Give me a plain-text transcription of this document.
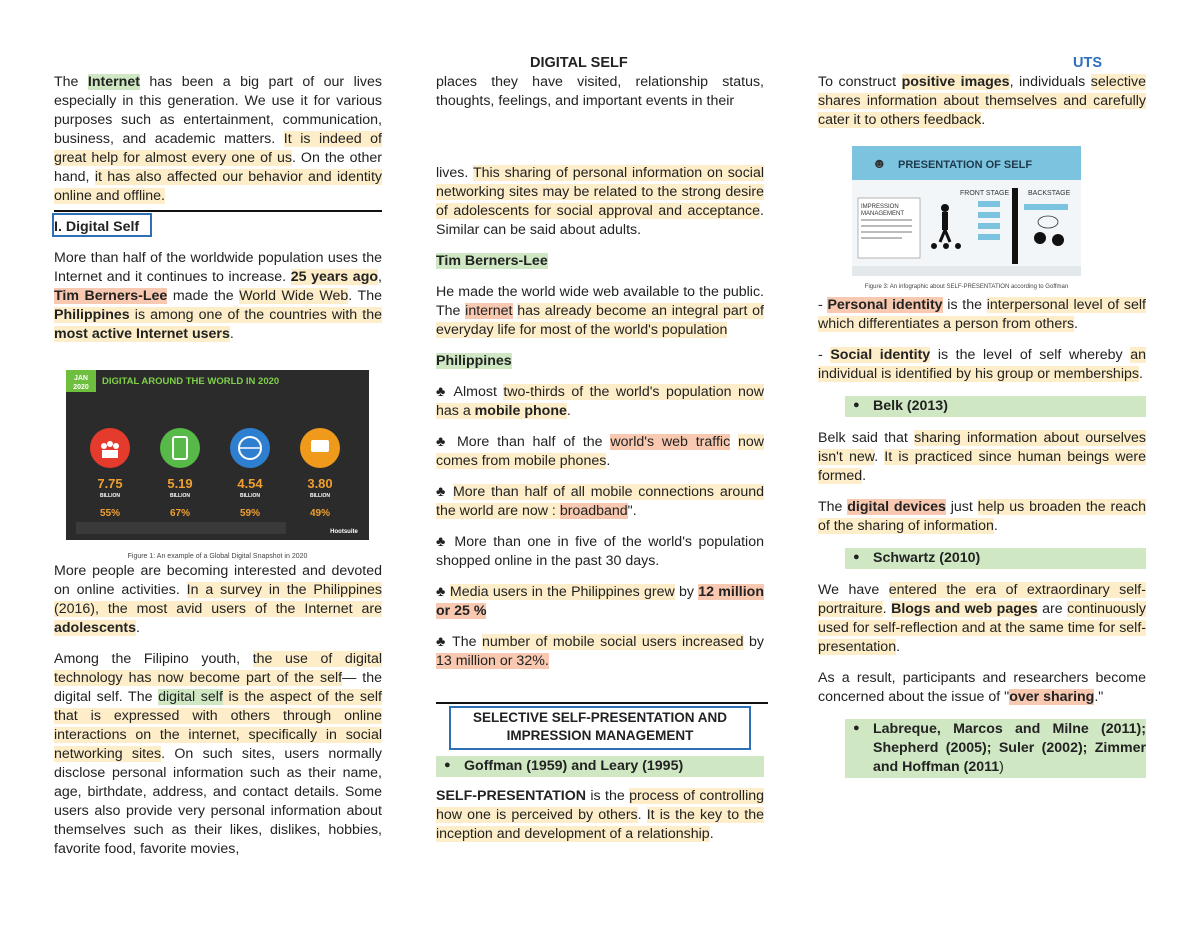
DIGITAL SELF	UTS

The Internet has been a big part of our lives especially in this generation. We use it for various purposes such as entertainment, communication, business, and academic matters. It is indeed of great help for almost every one of us. On the other hand, it has also affected our behavior and identity online and offline.

I. Digital Self

More than half of the worldwide population uses the Internet and it continues to increase. 25 years ago, Tim Berners-Lee made the World Wide Web. The Philippines is among one of the countries with the most active Internet users.

More people are becoming interested and devoted on online activities. In a survey in the Philippines (2016), the most avid users of the Internet are adolescents.

Among the Filipino youth, the use of digital technology has now become part of the self— the digital self. The digital self is the aspect of the self that is expressed with others through online interactions on the internet, specifically in social networking sites. On such sites, users normally disclose personal information such as their name, age, birthdate, address, and contact details. Some users also provide very personal information about themselves such as their likes, dislikes, hobbies, favorite food, favorite movies,

JAN
2020
DIGITAL AROUND THE WORLD IN 2020
7.75	5.19	4.54	3.80
BILLION	BILLION	BILLION	BILLION
55%	67%	59%	49%
Hootsuite
Figure 1: An example of a Global Digital Snapshot in 2020

places they have visited, relationship status, thoughts, feelings, and important events in their

lives. This sharing of personal information on social networking sites may be related to the strong desire of adolescents for social approval and acceptance. Similar can be said about adults.

Tim Berners-Lee

He made the world wide web available to the public. The internet has already become an integral part of everyday life for most of the world's population

Philippines

♣ Almost two-thirds of the world's population now has a mobile phone.

♣ More than half of the world's web traffic now comes from mobile phones.

♣ More than half of all mobile connections around the world are now : broadband".

♣ More than one in five of the world's population shopped online in the past 30 days.

♣ Media users in the Philippines grew by 12 million or 25 %

♣ The number of mobile social users increased by 13 million or 32%.

SELECTIVE SELF-PRESENTATION AND IMPRESSION MANAGEMENT
● Goffman (1959) and Leary (1995)

SELF-PRESENTATION is the process of controlling how one is perceived by others. It is the key to the inception and development of a relationship.

To construct positive images, individuals selective shares information about themselves and carefully cater it to others feedback.

☻ PRESENTATION OF SELF
FRONT STAGE	BACKSTAGE
IMPRESSION
MANAGEMENT
Figure 3: An infographic about SELF-PRESENTATION according to Goffman

- Personal identity is the interpersonal level of self which differentiates a person from others.

- Social identity is the level of self whereby an individual is identified by his group or memberships.

● Belk (2013)

Belk said that sharing information about ourselves isn't new. It is practiced since human beings were formed.

The digital devices just help us broaden the reach of the sharing of information.

● Schwartz (2010)

We have entered the era of extraordinary self-portraiture. Blogs and web pages are continuously used for self-reflection and at the same time for self-presentation.

As a result, participants and researchers become concerned about the issue of "over sharing."

● Labreque, Marcos and Milne (2011); Shepherd (2005); Suler (2002); Zimmer and Hoffman (2011)
